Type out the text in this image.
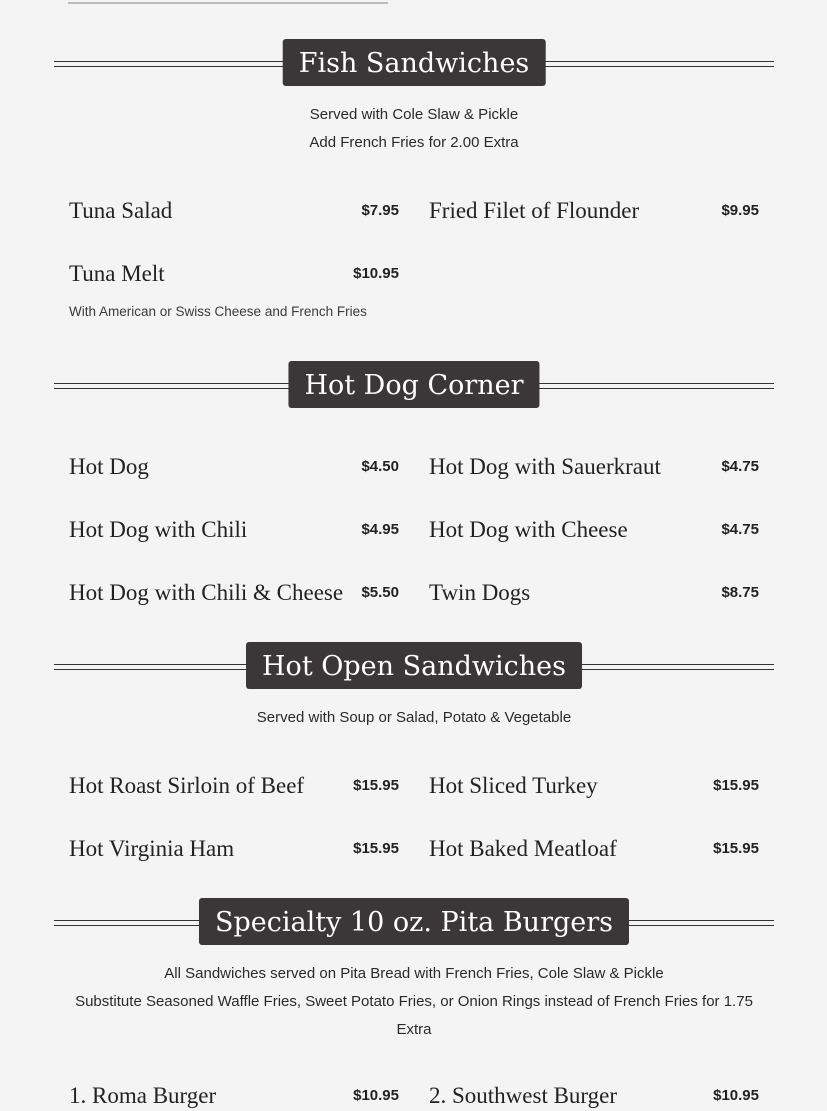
Fish Sandwiches
Served with Cole Slaw & Pickle
Add French Fries for 2.00 Extra
Tuna Salad	$7.95 Fried Filet of Flounder	$9.95
Tuna Melt	$10.95
With American or Swiss Cheese and French Fries
Hot Dog Corner
Hot Dog	$4.50 Hot Dog with Sauerkraut	$4.75
Hot Dog with Chili	$4.95 Hot Dog with Cheese	$4.75
Hot Dog with Chili & Cheese	$5.50 Twin Dogs	$8.75
Hot Open Sandwiches
Served with Soup or Salad, Potato & Vegetable
Hot Roast Sirloin of Beef	$15.95 Hot Sliced Turkey	$15.95
Hot Virginia Ham	$15.95 Hot Baked Meatloaf	$15.95
Specialty 10 oz. Pita Burgers
All Sandwiches served on Pita Bread with French Fries, Cole Slaw & Pickle
Substitute Seasoned Waffle Fries, Sweet Potato Fries, or Onion Rings instead of French Fries for 1.75 Extra
1. Roma Burger	$10.95 2. Southwest Burger	$10.95
